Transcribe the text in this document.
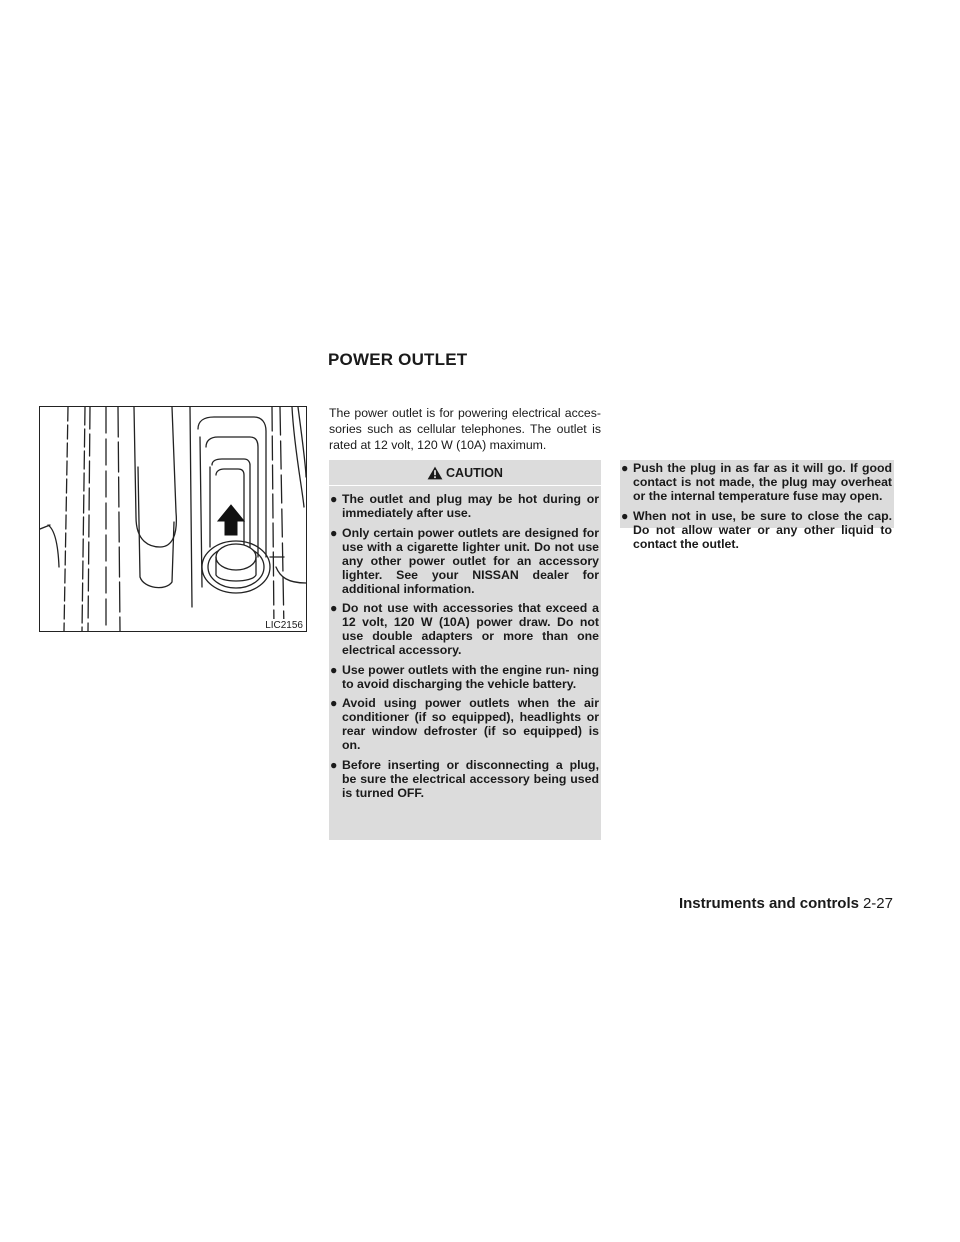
POWER OUTLET
LIC2156

The power outlet is for powering electrical acces- sories such as cellular telephones. The outlet is rated at 12 volt, 120 W (10A) maximum.

CAUTION
● The outlet and plug may be hot during or immediately after use.
● Only certain power outlets are designed for use with a cigarette lighter unit. Do not use any other power outlet for an accessory lighter. See your NISSAN dealer for additional information.
● Do not use with accessories that exceed a 12 volt, 120 W (10A) power draw. Do not use double adapters or more than one electrical accessory.
● Use power outlets with the engine run- ning to avoid discharging the vehicle battery.
● Avoid using power outlets when the air conditioner (if so equipped), headlights or rear window defroster (if so equipped) is on.
● Before inserting or disconnecting a plug, be sure the electrical accessory being used is turned OFF.
● Push the plug in as far as it will go. If good contact is not made, the plug may overheat or the internal temperature fuse may open.
● When not in use, be sure to close the cap. Do not allow water or any other liquid to contact the outlet.
Instruments and controls 2-27
